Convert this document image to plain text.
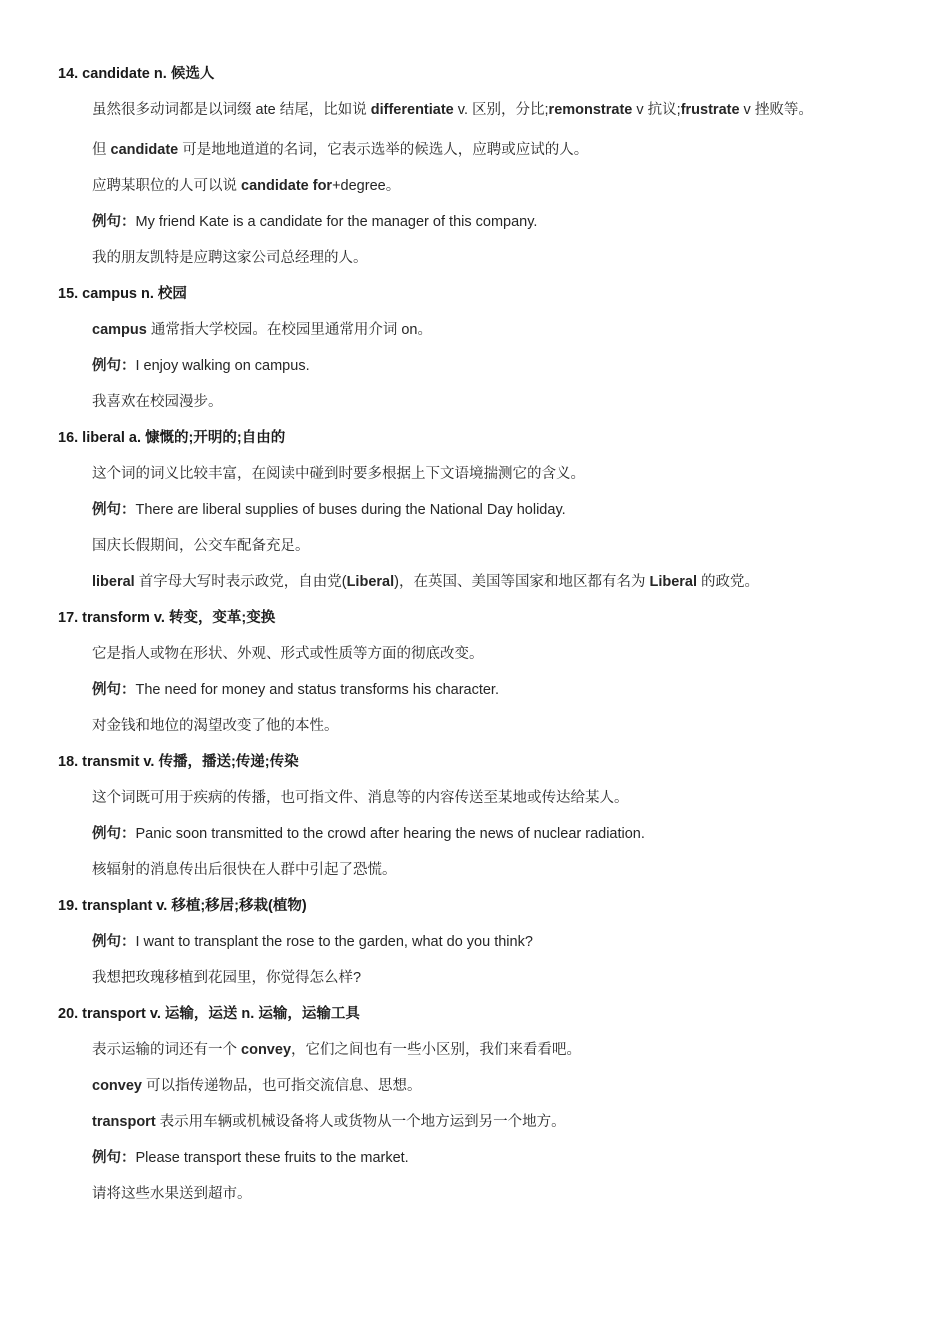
14. candidate n. 候选人
虽然很多动词都是以词缀 ate 结尾，比如说 differentiate v. 区别，分比;remonstrate v 抗议;frustrate v 挫败等。
但 candidate 可是地地道道的名词，它表示选举的候选人，应聘或应试的人。
应聘某职位的人可以说 candidate for+degree。
例句：My friend Kate is a candidate for the manager of this company.
我的朋友凯特是应聘这家公司总经理的人。
15. campus n. 校园
campus 通常指大学校园。在校园里通常用介词 on。
例句：I enjoy walking on campus.
我喜欢在校园漫步。
16. liberal a. 慷慨的;开明的;自由的
这个词的词义比较丰富，在阅读中碰到时要多根据上下文语境揣测它的含义。
例句：There are liberal supplies of buses during the National Day holiday.
国庆长假期间，公交车配备充足。
liberal 首字母大写时表示政党，自由党(Liberal)，在英国、美国等国家和地区都有名为 Liberal 的政党。
17. transform v. 转变，变革;变换
它是指人或物在形状、外观、形式或性质等方面的彻底改变。
例句：The need for money and status transforms his character.
对金钱和地位的渴望改变了他的本性。
18. transmit v. 传播，播送;传递;传染
这个词既可用于疾病的传播，也可指文件、消息等的内容传送至某地或传达给某人。
例句：Panic soon transmitted to the crowd after hearing the news of nuclear radiation.
核辐射的消息传出后很快在人群中引起了恐慌。
19. transplant v. 移植;移居;移栽(植物)
例句：I want to transplant the rose to the garden, what do you think?
我想把玫瑰移植到花园里，你觉得怎么样?
20. transport v. 运输，运送 n. 运输，运输工具
表示运输的词还有一个 convey，它们之间也有一些小区别，我们来看看吧。
convey 可以指传递物品，也可指交流信息、思想。
transport 表示用车辆或机械设备将人或货物从一个地方运到另一个地方。
例句：Please transport these fruits to the market.
请将这些水果送到超市。
